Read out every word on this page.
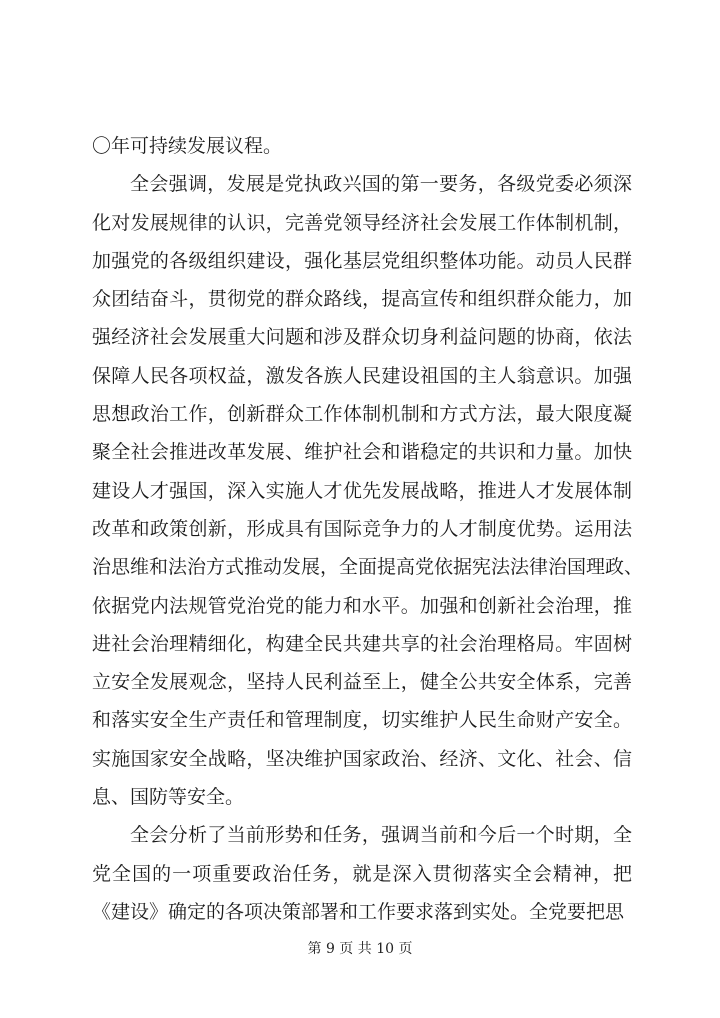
〇年可持续发展议程。
全会强调，发展是党执政兴国的第一要务，各级党委必须深
化对发展规律的认识，完善党领导经济社会发展工作体制机制，
加强党的各级组织建设，强化基层党组织整体功能。动员人民群
众团结奋斗，贯彻党的群众路线，提高宣传和组织群众能力，加
强经济社会发展重大问题和涉及群众切身利益问题的协商，依法
保障人民各项权益，激发各族人民建设祖国的主人翁意识。加强
思想政治工作，创新群众工作体制机制和方式方法，最大限度凝
聚全社会推进改革发展、维护社会和谐稳定的共识和力量。加快
建设人才强国，深入实施人才优先发展战略，推进人才发展体制
改革和政策创新，形成具有国际竞争力的人才制度优势。运用法
治思维和法治方式推动发展，全面提高党依据宪法法律治国理政、
依据党内法规管党治党的能力和水平。加强和创新社会治理，推
进社会治理精细化，构建全民共建共享的社会治理格局。牢固树
立安全发展观念，坚持人民利益至上，健全公共安全体系，完善
和落实安全生产责任和管理制度，切实维护人民生命财产安全。
实施国家安全战略，坚决维护国家政治、经济、文化、社会、信
息、国防等安全。
全会分析了当前形势和任务，强调当前和今后一个时期，全
党全国的一项重要政治任务，就是深入贯彻落实全会精神，把
《建设》确定的各项决策部署和工作要求落到实处。全党要把思
第 9 页 共 10 页
